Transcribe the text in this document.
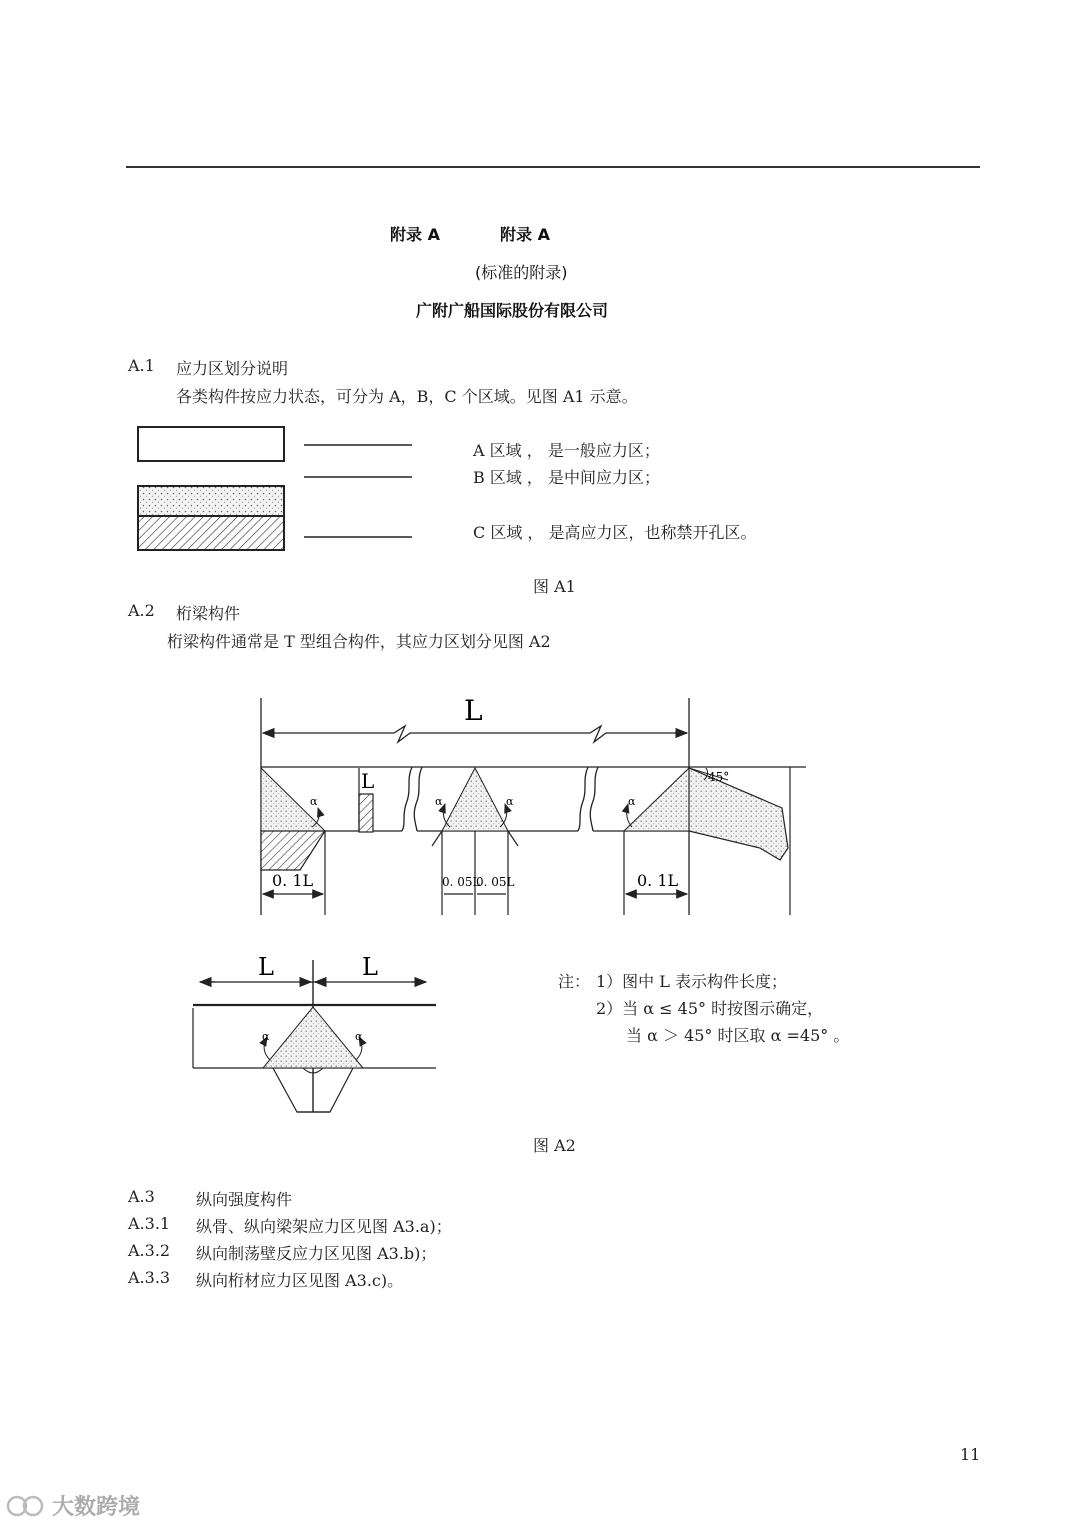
附录 A	附录 A
(标准的附录)
广附广船国际股份有限公司
A.1 应力区划分说明
各类构件按应力状态，可分为 A，B，C 个区域。见图 A1 示意。
A 区域 ， 是一般应力区；
B 区域 ， 是中间应力区；
C 区域 ， 是高应力区，也称禁开孔区。
图 A1
A.2 桁梁构件
桁梁构件通常是 T 型组合构件，其应力区划分见图 A2
α
L
α	α
45°
α
L
0. 1L	0. 05L
0. 05L	0. 1L
α	α
L	L
注： 1）图中 L 表示构件长度；
2）当 α ≤ 45° 时按图示确定，
当 α ＞ 45° 时区取 α =45° 。
图 A2
A.3	纵向强度构件
A.3.1 纵骨、纵向梁架应力区见图 A3.a)；
A.3.2 纵向制荡壁反应力区见图 A3.b)；
A.3.3 纵向桁材应力区见图 A3.c)。
11
大数跨境
